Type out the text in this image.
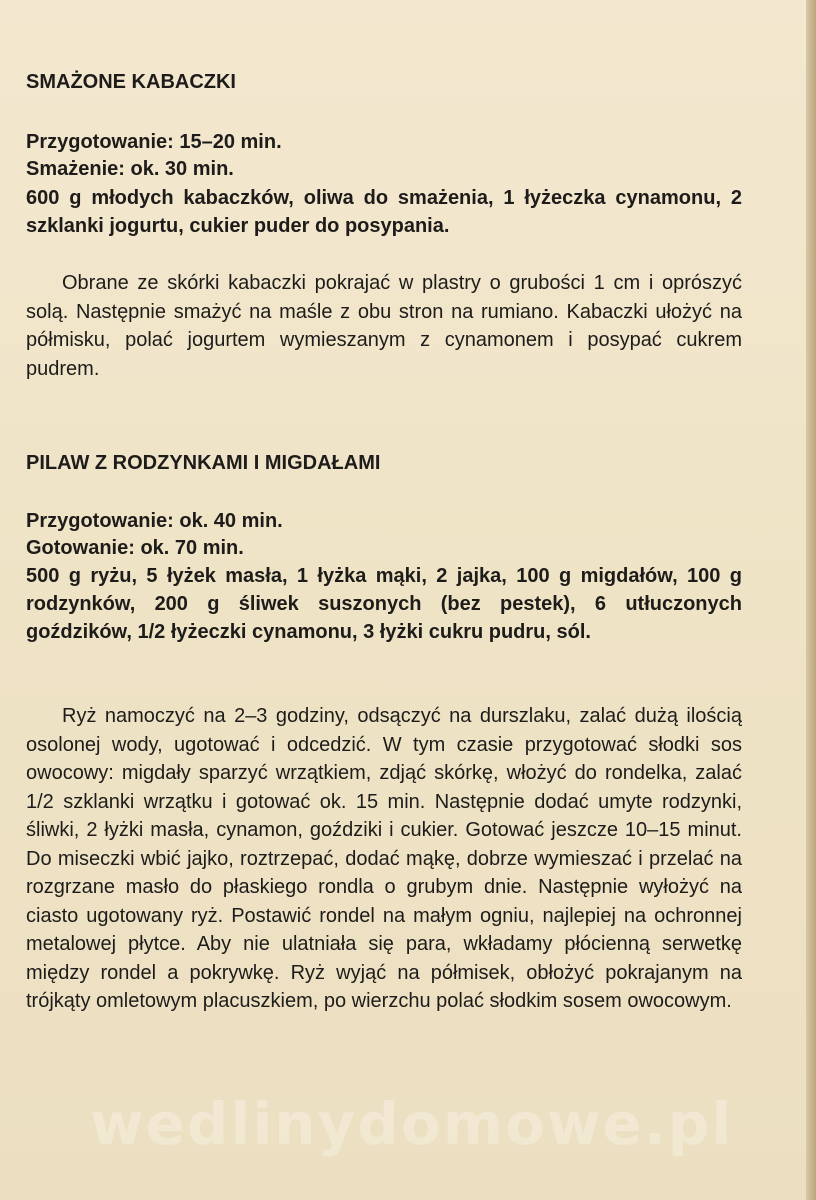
SMAŻONE KABACZKI
Przygotowanie: 15–20 min.
Smażenie: ok. 30 min.
600 g młodych kabaczków, oliwa do smażenia, 1 łyżeczka cynamonu, 2 szklanki jogurtu, cukier puder do posypania.
Obrane ze skórki kabaczki pokrajać w plastry o grubości 1 cm i oprószyć solą. Następnie smażyć na maśle z obu stron na rumiano. Kabaczki ułożyć na półmisku, polać jogurtem wymieszanym z cynamonem i posypać cukrem pudrem.
PILAW Z RODZYNKAMI I MIGDAŁAMI
Przygotowanie: ok. 40 min.
Gotowanie: ok. 70 min.
500 g ryżu, 5 łyżek masła, 1 łyżka mąki, 2 jajka, 100 g migdałów, 100 g rodzynków, 200 g śliwek suszonych (bez pestek), 6 utłuczonych goździków, 1/2 łyżeczki cynamonu, 3 łyżki cukru pudru, sól.
Ryż namoczyć na 2–3 godziny, odsączyć na durszlaku, zalać dużą ilością osolonej wody, ugotować i odcedzić. W tym czasie przygotować słodki sos owocowy: migdały sparzyć wrzątkiem, zdjąć skórkę, włożyć do rondelka, zalać 1/2 szklanki wrzątku i gotować ok. 15 min. Następnie dodać umyte rodzynki, śliwki, 2 łyżki masła, cynamon, goździki i cukier. Gotować jeszcze 10–15 minut. Do miseczki wbić jajko, roztrzepać, dodać mąkę, dobrze wymieszać i przelać na rozgrzane masło do płaskiego rondla o grubym dnie. Następnie wyłożyć na ciasto ugotowany ryż. Postawić rondel na małym ogniu, najlepiej na ochronnej metalowej płytce. Aby nie ulatniała się para, wkładamy płócienną serwetkę między rondel a pokrywkę. Ryż wyjąć na półmisek, obłożyć pokrajanym na trójkąty omletowym placuszkiem, po wierzchu polać słodkim sosem owocowym.
wedlinydomowe.pl
